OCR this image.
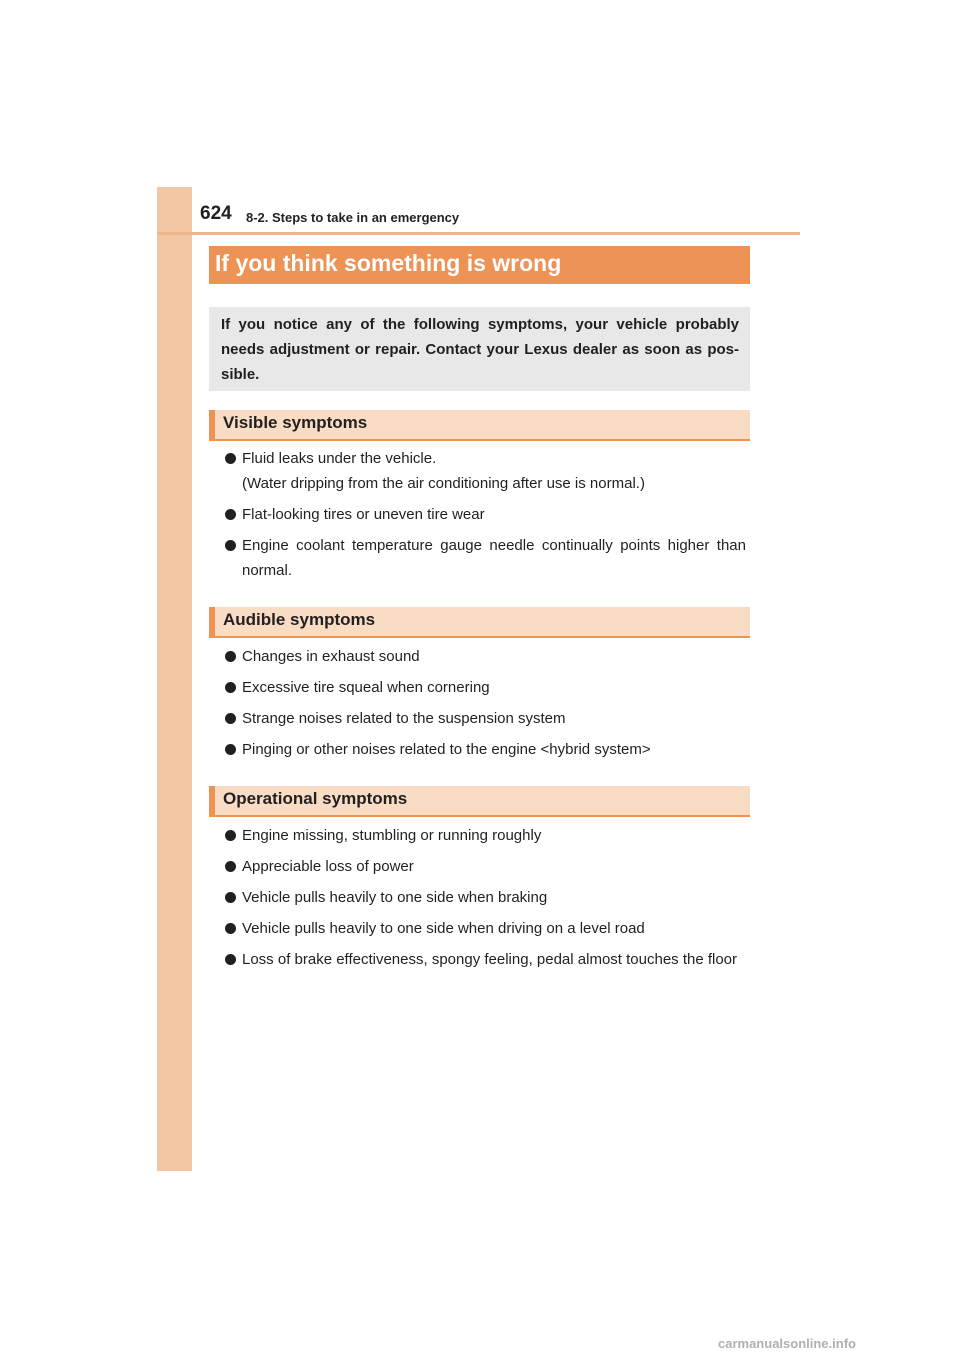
624 8-2. Steps to take in an emergency
If you think something is wrong
If you notice any of the following symptoms, your vehicle probably needs adjustment or repair. Contact your Lexus dealer as soon as pos- sible.
Visible symptoms
Fluid leaks under the vehicle.
(Water dripping from the air conditioning after use is normal.)
Flat-looking tires or uneven tire wear
Engine coolant temperature gauge needle continually points higher than normal.
Audible symptoms
Changes in exhaust sound
Excessive tire squeal when cornering
Strange noises related to the suspension system
Pinging or other noises related to the engine <hybrid system>
Operational symptoms
Engine missing, stumbling or running roughly
Appreciable loss of power
Vehicle pulls heavily to one side when braking
Vehicle pulls heavily to one side when driving on a level road
Loss of brake effectiveness, spongy feeling, pedal almost touches the floor
carmanualsonline.info
